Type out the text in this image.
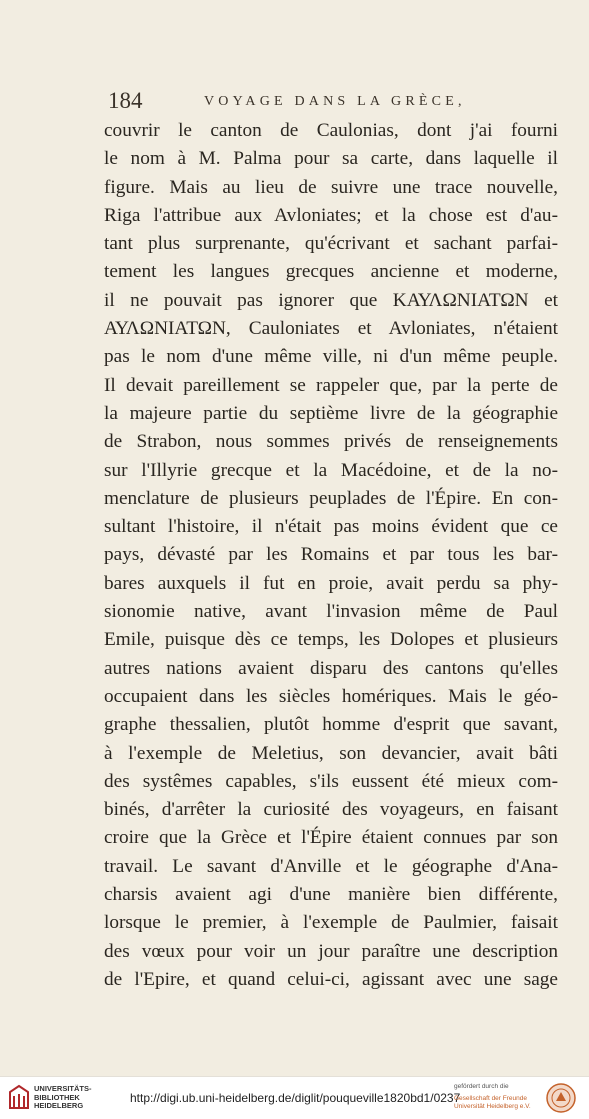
184	VOYAGE DANS LA GRÈCE,
couvrir le canton de Caulonias, dont j'ai fourni
le nom à M. Palma pour sa carte, dans laquelle il
figure. Mais au lieu de suivre une trace nouvelle,
Riga l'attribue aux Avloniates; et la chose est d'au-
tant plus surprenante, qu'écrivant et sachant parfai-
tement les langues grecques ancienne et moderne,
il ne pouvait pas ignorer que ΚΑΥΛΩΝΙΑΤΩΝ et
ΑΥΛΩΝΙΑΤΩΝ, Cauloniates et Avloniates, n'étaient
pas le nom d'une même ville, ni d'un même peuple.
Il devait pareillement se rappeler que, par la perte de
la majeure partie du septième livre de la géographie
de Strabon, nous sommes privés de renseignements
sur l'Illyrie grecque et la Macédoine, et de la no-
menclature de plusieurs peuplades de l'Épire. En con-
sultant l'histoire, il n'était pas moins évident que ce
pays, dévasté par les Romains et par tous les bar-
bares auxquels il fut en proie, avait perdu sa phy-
sionomie native, avant l'invasion même de Paul
Emile, puisque dès ce temps, les Dolopes et plusieurs
autres nations avaient disparu des cantons qu'elles
occupaient dans les siècles homériques. Mais le géo-
graphe thessalien, plutôt homme d'esprit que savant,
à l'exemple de Meletius, son devancier, avait bâti
des systêmes capables, s'ils eussent été mieux com-
binés, d'arrêter la curiosité des voyageurs, en faisant
croire que la Grèce et l'Épire étaient connues par son
travail. Le savant d'Anville et le géographe d'Ana-
charsis avaient agi d'une manière bien différente,
lorsque le premier, à l'exemple de Paulmier, faisait
des vœux pour voir un jour paraître une description
de l'Epire, et quand celui-ci, agissant avec une sage
UNIVERSITÄTS-
BIBLIOTHEK
HEIDELBERG
http://digi.ub.uni-heidelberg.de/diglit/pouqueville1820bd1/0237
gefördert durch die
Gesellschaft der Freunde
Universität Heidelberg e.V.
